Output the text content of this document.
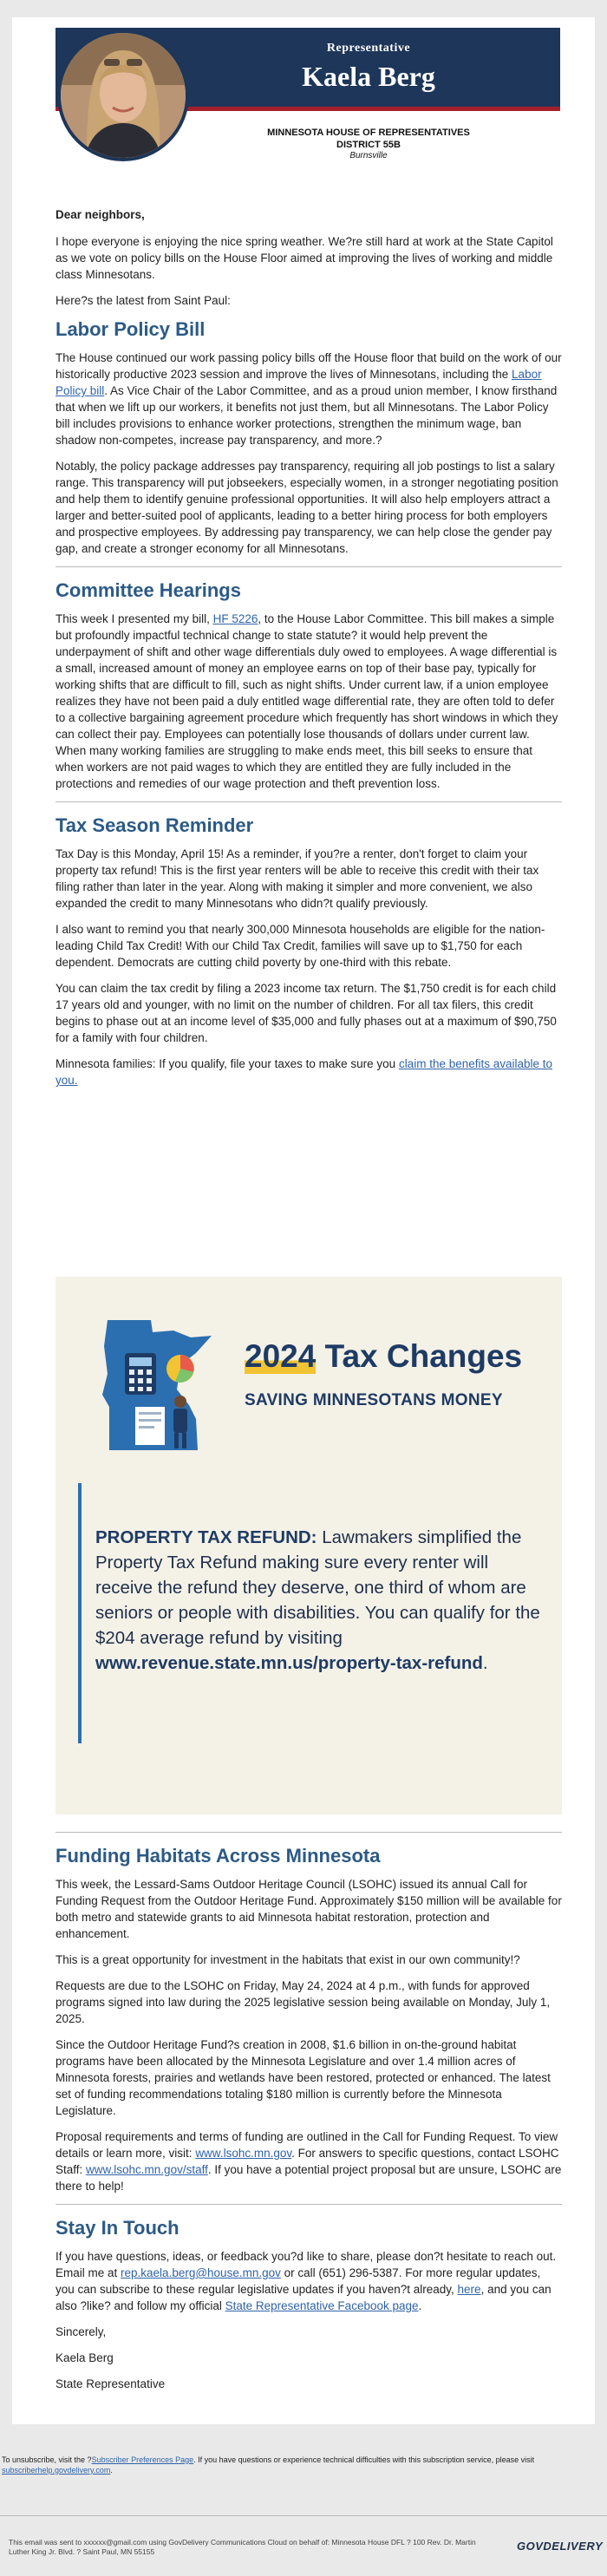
Representative
Kaela Berg
MINNESOTA HOUSE OF REPRESENTATIVES
DISTRICT 55B
Burnsville

Dear neighbors,

I hope everyone is enjoying the nice spring weather. We?re still hard at work at the State Capitol as we vote on policy bills on the House Floor aimed at improving the lives of working and middle class Minnesotans.

Here?s the latest from Saint Paul:

Labor Policy Bill

The House continued our work passing policy bills off the House floor that build on the work of our historically productive 2023 session and improve the lives of Minnesotans, including the Labor Policy bill. As Vice Chair of the Labor Committee, and as a proud union member, I know firsthand that when we lift up our workers, it benefits not just them, but all Minnesotans. The Labor Policy bill includes provisions to enhance worker protections, strengthen the minimum wage, ban shadow non-competes, increase pay transparency, and more.?

Notably, the policy package addresses pay transparency, requiring all job postings to list a salary range. This transparency will put jobseekers, especially women, in a stronger negotiating position and help them to identify genuine professional opportunities. It will also help employers attract a larger and better-suited pool of applicants, leading to a better hiring process for both employers and prospective employees. By addressing pay transparency, we can help close the gender pay gap, and create a stronger economy for all Minnesotans.

Committee Hearings

This week I presented my bill, HF 5226, to the House Labor Committee. This bill makes a simple but profoundly impactful technical change to state statute? it would help prevent the underpayment of shift and other wage differentials duly owed to employees. A wage differential is a small, increased amount of money an employee earns on top of their base pay, typically for working shifts that are difficult to fill, such as night shifts. Under current law, if a union employee realizes they have not been paid a duly entitled wage differential rate, they are often told to defer to a collective bargaining agreement procedure which frequently has short windows in which they can collect their pay. Employees can potentially lose thousands of dollars under current law. When many working families are struggling to make ends meet, this bill seeks to ensure that when workers are not paid wages to which they are entitled they are fully included in the protections and remedies of our wage protection and theft prevention loss.

Tax Season Reminder

Tax Day is this Monday, April 15! As a reminder, if you?re a renter, don't forget to claim your property tax refund! This is the first year renters will be able to receive this credit with their tax filing rather than later in the year. Along with making it simpler and more convenient, we also expanded the credit to many Minnesotans who didn?t qualify previously.

I also want to remind you that nearly 300,000 Minnesota households are eligible for the nation-leading Child Tax Credit! With our Child Tax Credit, families will save up to $1,750 for each dependent. Democrats are cutting child poverty by one-third with this rebate.

You can claim the tax credit by filing a 2023 income tax return. The $1,750 credit is for each child 17 years old and younger, with no limit on the number of children. For all tax filers, this credit begins to phase out at an income level of $35,000 and fully phases out at a maximum of $90,750 for a family with four children.

Minnesota families: If you qualify, file your taxes to make sure you claim the benefits available to you.

2024 Tax Changes
SAVING MINNESOTANS MONEY
PROPERTY TAX REFUND: Lawmakers simplified the Property Tax Refund making sure every renter will receive the refund they deserve, one third of whom are seniors or people with disabilities. You can qualify for the $204 average refund by visiting www.revenue.state.mn.us/property-tax-refund.
Funding Habitats Across Minnesota

This week, the Lessard-Sams Outdoor Heritage Council (LSOHC) issued its annual Call for Funding Request from the Outdoor Heritage Fund. Approximately $150 million will be available for both metro and statewide grants to aid Minnesota habitat restoration, protection and enhancement.

This is a great opportunity for investment in the habitats that exist in our own community!?

Requests are due to the LSOHC on Friday, May 24, 2024 at 4 p.m., with funds for approved programs signed into law during the 2025 legislative session being available on Monday, July 1, 2025.

Since the Outdoor Heritage Fund?s creation in 2008, $1.6 billion in on-the-ground habitat programs have been allocated by the Minnesota Legislature and over 1.4 million acres of Minnesota forests, prairies and wetlands have been restored, protected or enhanced. The latest set of funding recommendations totaling $180 million is currently before the Minnesota Legislature.

Proposal requirements and terms of funding are outlined in the Call for Funding Request. To view details or learn more, visit: www.lsohc.mn.gov. For answers to specific questions, contact LSOHC Staff: www.lsohc.mn.gov/staff. If you have a potential project proposal but are unsure, LSOHC are there to help!

Stay In Touch

If you have questions, ideas, or feedback you?d like to share, please don?t hesitate to reach out. Email me at rep.kaela.berg@house.mn.gov or call (651) 296-5387. For more regular updates, you can subscribe to these regular legislative updates if you haven?t already, here, and you can also ?like? and follow my official State Representative Facebook page.

Sincerely,

Kaela Berg

State Representative

To unsubscribe, visit the ?Subscriber Preferences Page. If you have questions or experience technical difficulties with this subscription service, please visit subscriberhelp.govdelivery.com.
This email was sent to xxxxxx@gmail.com using GovDelivery Communications Cloud on behalf of: Minnesota House DFL ? 100 Rev. Dr. Martin Luther King Jr. Blvd. ? Saint Paul, MN 55155	GOVDELIVERY
